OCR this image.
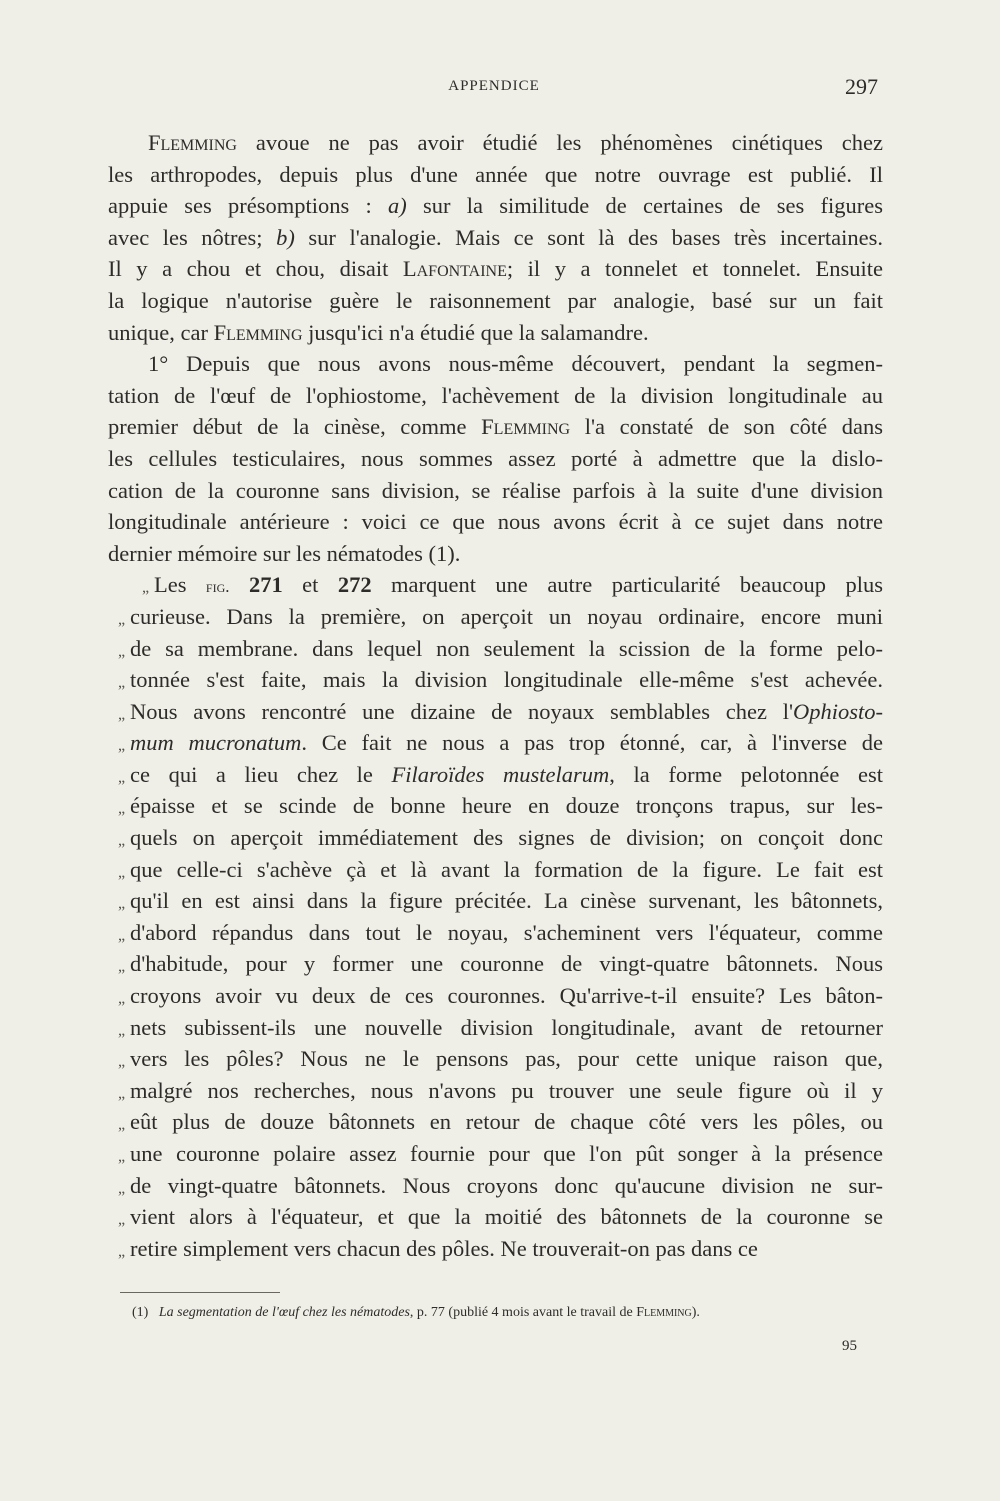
APPENDICE	297
Flemming avoue ne pas avoir étudié les phénomènes cinétiques chez
les arthropodes, depuis plus d'une année que notre ouvrage est publié. Il
appuie ses présomptions : a) sur la similitude de certaines de ses figures
avec les nôtres; b) sur l'analogie. Mais ce sont là des bases très incertaines.
Il y a chou et chou, disait Lafontaine; il y a tonnelet et tonnelet. Ensuite
la logique n'autorise guère le raisonnement par analogie, basé sur un fait
unique, car Flemming jusqu'ici n'a étudié que la salamandre.
1° Depuis que nous avons nous-même découvert, pendant la segmen-
tation de l'œuf de l'ophiostome, l'achèvement de la division longitudinale au
premier début de la cinèse, comme Flemming l'a constaté de son côté dans
les cellules testiculaires, nous sommes assez porté à admettre que la dislo-
cation de la couronne sans division, se réalise parfois à la suite d'une division
longitudinale antérieure : voici ce que nous avons écrit à ce sujet dans notre
dernier mémoire sur les nématodes (1).
„ Les fig. 271 et 272 marquent une autre particularité beaucoup plus
„ curieuse. Dans la première, on aperçoit un noyau ordinaire, encore muni
„ de sa membrane. dans lequel non seulement la scission de la forme pelo-
„ tonnée s'est faite, mais la division longitudinale elle-même s'est achevée.
„ Nous avons rencontré une dizaine de noyaux semblables chez l'Ophiosto-
„ mum mucronatum. Ce fait ne nous a pas trop étonné, car, à l'inverse de
„ ce qui a lieu chez le Filaroïdes mustelarum, la forme pelotonnée est
„ épaisse et se scinde de bonne heure en douze tronçons trapus, sur les-
„ quels on aperçoit immédiatement des signes de division; on conçoit donc
„ que celle-ci s'achève çà et là avant la formation de la figure. Le fait est
„ qu'il en est ainsi dans la figure précitée. La cinèse survenant, les bâtonnets,
„ d'abord répandus dans tout le noyau, s'acheminent vers l'équateur, comme
„ d'habitude, pour y former une couronne de vingt-quatre bâtonnets. Nous
„ croyons avoir vu deux de ces couronnes. Qu'arrive-t-il ensuite? Les bâton-
„ nets subissent-ils une nouvelle division longitudinale, avant de retourner
„ vers les pôles? Nous ne le pensons pas, pour cette unique raison que,
„ malgré nos recherches, nous n'avons pu trouver une seule figure où il y
„ eût plus de douze bâtonnets en retour de chaque côté vers les pôles, ou
„ une couronne polaire assez fournie pour que l'on pût songer à la présence
„ de vingt-quatre bâtonnets. Nous croyons donc qu'aucune division ne sur-
„ vient alors à l'équateur, et que la moitié des bâtonnets de la couronne se
„ retire simplement vers chacun des pôles. Ne trouverait-on pas dans ce
(1) La segmentation de l'œuf chez les nématodes, p. 77 (publié 4 mois avant le travail de Flemming).
95
